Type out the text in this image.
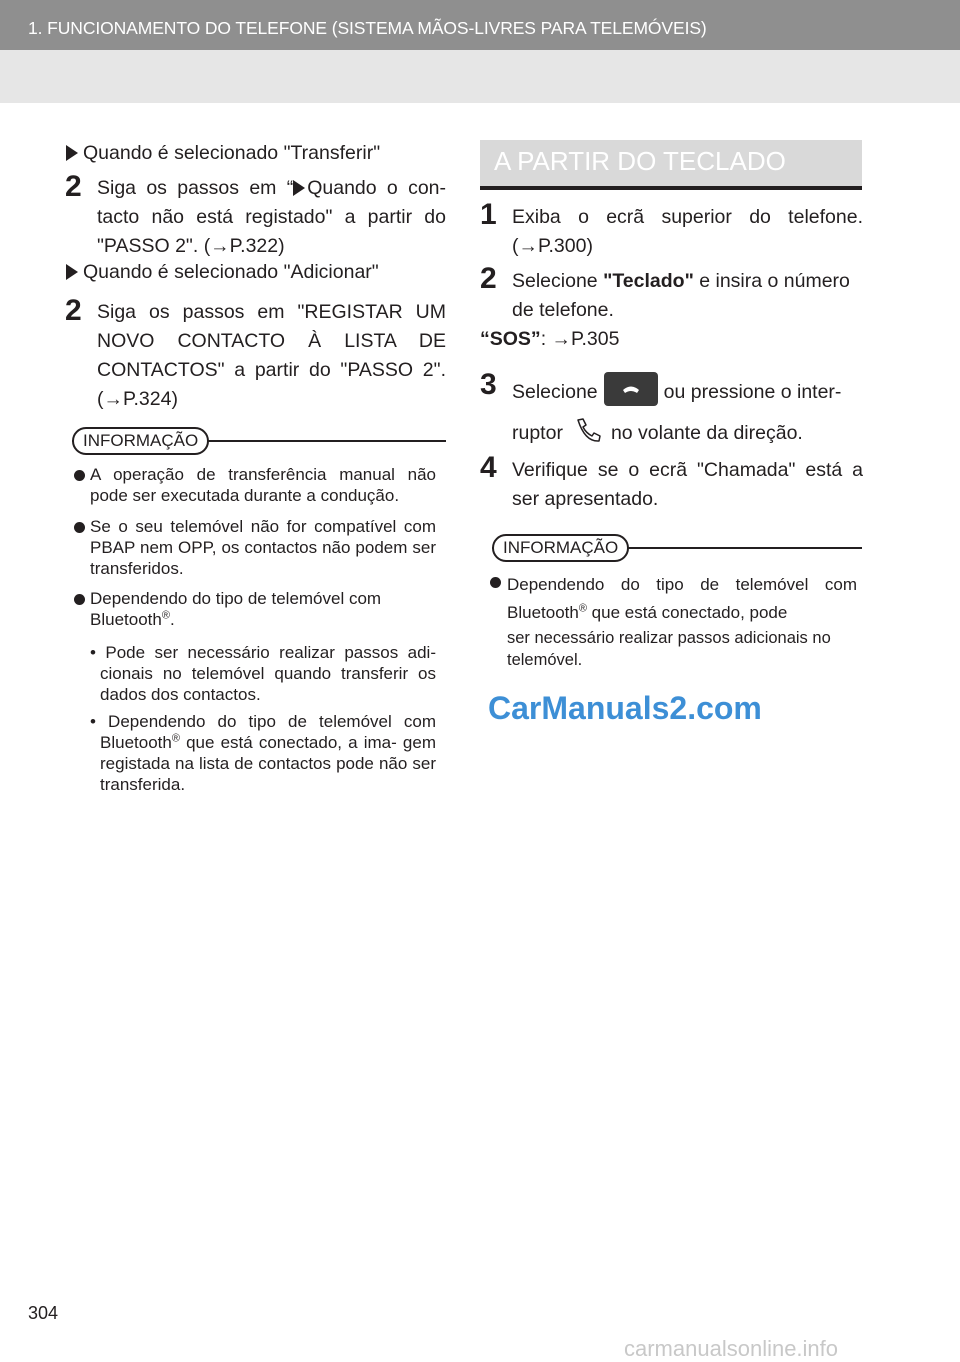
1. FUNCIONAMENTO DO TELEFONE (SISTEMA MÃOS-LIVRES PARA TELEMÓVEIS)
Quando é selecionado "Transferir"
2 Siga os passos em “ Quando o con- tacto não está registado" a partir do "PASSO 2". (→P.322)
Quando é selecionado "Adicionar"
2 Siga os passos em "REGISTAR UM NOVO CONTACTO À LISTA DE CONTACTOS" a partir do "PASSO 2". (→P.324)
INFORMAÇÃO
A operação de transferência manual não pode ser executada durante a condução.
Se o seu telemóvel não for compatível com PBAP nem OPP, os contactos não podem ser transferidos.
Dependendo do tipo de telemóvel com Bluetooth®.
• Pode ser necessário realizar passos adi- cionais no telemóvel quando transferir os dados dos contactos.
• Dependendo do tipo de telemóvel com Bluetooth® que está conectado, a ima- gem registada na lista de contactos pode não ser transferida.
A PARTIR DO TECLADO
1 Exiba o ecrã superior do telefone. (→P.300)
2 Selecione "Teclado" e insira o número de telefone.
“SOS”: →P.305
3 Selecione	ou pressione o inter-
ruptor no volante da direção.
4 Verifique se o ecrã "Chamada" está a ser apresentado.
INFORMAÇÃO
Dependendo do tipo de telemóvel com Bluetooth® que está conectado, pode
ser necessário realizar passos adicionais no telemóvel.
CarManuals2.com
304
carmanualsonline.info
